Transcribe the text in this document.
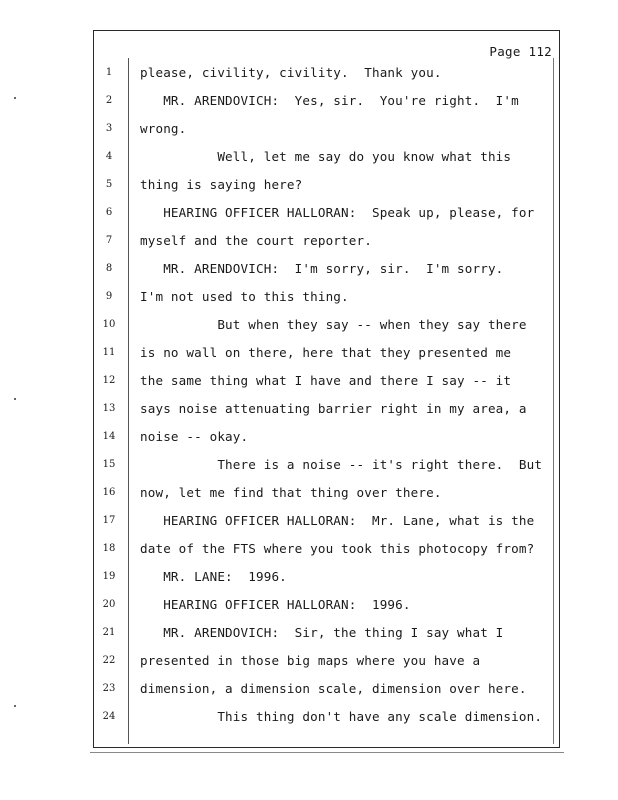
Page 112
1	please, civility, civility.  Thank you.
2	MR. ARENDOVICH:  Yes, sir.  You're right.  I'm
3	wrong.
4	Well, let me say do you know what this
5	thing is saying here?
6	HEARING OFFICER HALLORAN:  Speak up, please, for
7	myself and the court reporter.
8	MR. ARENDOVICH:  I'm sorry, sir.  I'm sorry.
9	I'm not used to this thing.
10	But when they say -- when they say there
11	is no wall on there, here that they presented me
12	the same thing what I have and there I say -- it
13	says noise attenuating barrier right in my area, a
14	noise -- okay.
15	There is a noise -- it's right there.  But
16	now, let me find that thing over there.
17	HEARING OFFICER HALLORAN:  Mr. Lane, what is the
18	date of the FTS where you took this photocopy from?
19	MR. LANE:  1996.
20	HEARING OFFICER HALLORAN:  1996.
21	MR. ARENDOVICH:  Sir, the thing I say what I
22	presented in those big maps where you have a
23	dimension, a dimension scale, dimension over here.
24	This thing don't have any scale dimension.
